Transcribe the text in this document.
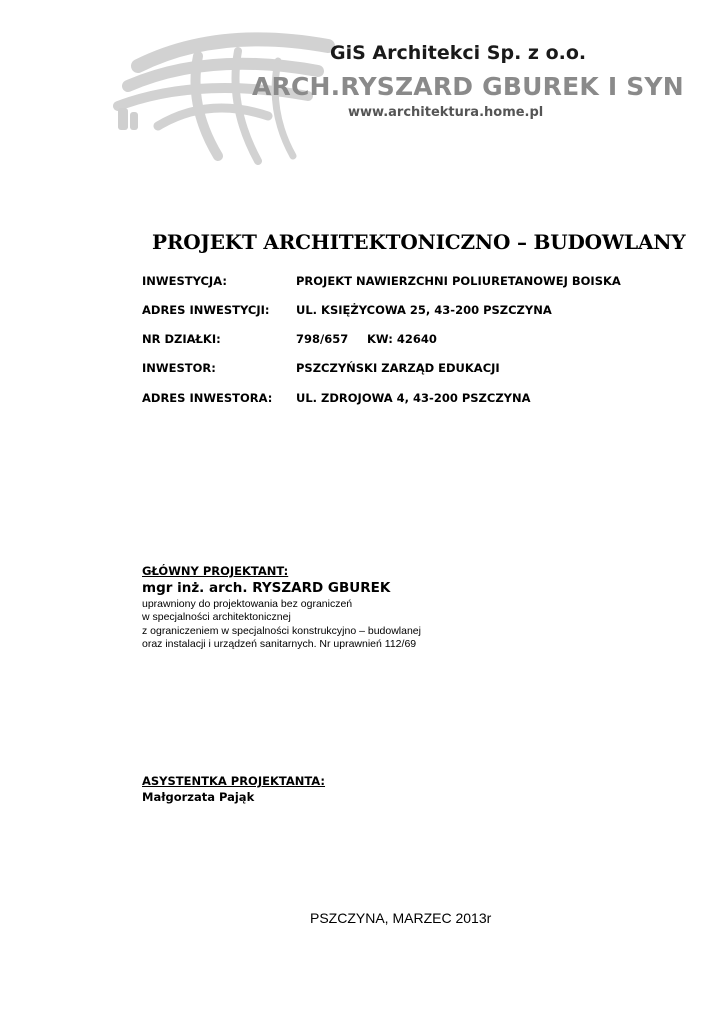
GiS Architekci Sp. z o.o.
ARCH.RYSZARD GBUREK I SYN
www.architektura.home.pl
PROJEKT ARCHITEKTONICZNO – BUDOWLANY
INWESTYCJA:	PROJEKT NAWIERZCHNI POLIURETANOWEJ BOISKA
ADRES INWESTYCJI:	UL. KSIĘŻYCOWA 25, 43-200 PSZCZYNA
NR DZIAŁKI:	798/657 KW: 42640
INWESTOR:	PSZCZYŃSKI ZARZĄD EDUKACJI
ADRES INWESTORA:	UL. ZDROJOWA 4, 43-200 PSZCZYNA
GŁÓWNY PROJEKTANT:
mgr inż. arch. RYSZARD GBUREK
uprawniony do projektowania bez ograniczeń
w specjalności architektonicznej
z ograniczeniem w specjalności konstrukcyjno – budowlanej
oraz instalacji i urządzeń sanitarnych. Nr uprawnień 112/69
ASYSTENTKA PROJEKTANTA:
Małgorzata Pająk
PSZCZYNA, MARZEC 2013r
